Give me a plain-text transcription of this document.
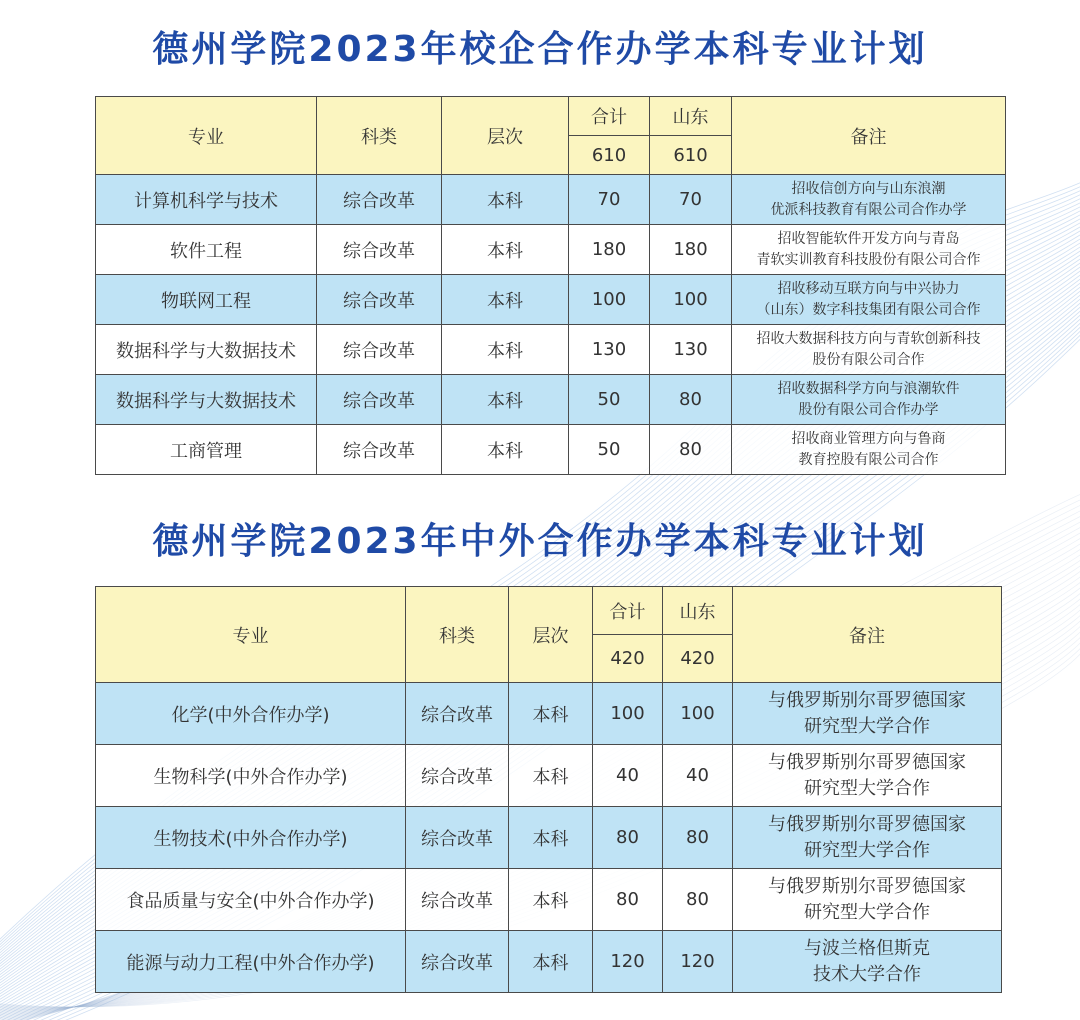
德州学院2023年校企合作办学本科专业计划
专业	科类	层次	合计	山东	备注
			610	610	
计算机科学与技术	综合改革	本科	70	70	招收信创方向与山东浪潮
优派科技教育有限公司合作办学

软件工程	综合改革	本科	180	180	招收智能软件开发方向与青岛
青软实训教育科技股份有限公司合作

物联网工程	综合改革	本科	100	100	招收移动互联方向与中兴协力
（山东）数字科技集团有限公司合作

数据科学与大数据技术	综合改革	本科	130	130	招收大数据科技方向与青软创新科技
股份有限公司合作

数据科学与大数据技术	综合改革	本科	50	80	招收数据科学方向与浪潮软件
股份有限公司合作办学

工商管理	综合改革	本科	50	80	招收商业管理方向与鲁商
教育控股有限公司合作
德州学院2023年中外合作办学本科专业计划
专业	科类	层次	合计	山东	备注
			420	420	
化学(中外合作办学)	综合改革	本科	100	100	与俄罗斯别尔哥罗德国家
研究型大学合作

生物科学(中外合作办学)	综合改革	本科	40	40	与俄罗斯别尔哥罗德国家
研究型大学合作

生物技术(中外合作办学)	综合改革	本科	80	80	与俄罗斯别尔哥罗德国家
研究型大学合作

食品质量与安全(中外合作办学)	综合改革	本科	80	80	与俄罗斯别尔哥罗德国家
研究型大学合作

能源与动力工程(中外合作办学)	综合改革	本科	120	120	与波兰格但斯克
技术大学合作
